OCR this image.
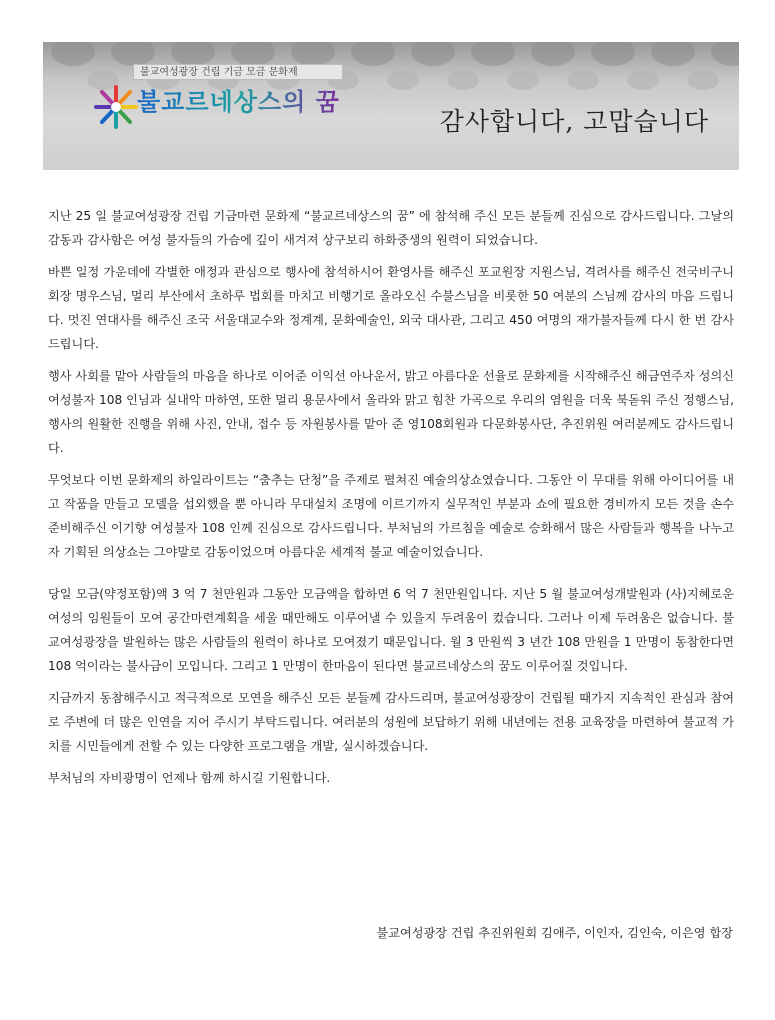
불교여성광장 건립 기금 모금 문화제
불교르네상스의 꿈
감사합니다, 고맙습니다

지난 25 일 불교여성광장 건립 기금마련 문화제 “불교르네상스의 꿈” 에 참석해 주신 모든 분들께 진심으로 감사드립니다. 그날의 감동과 감사함은 여성 불자들의 가슴에 깊이 새겨져 상구보리 하화중생의 원력이 되었습니다.

바쁜 일정 가운데에 각별한 애정과 관심으로 행사에 참석하시어 환영사를 해주신 포교원장 지원스님, 격려사를 해주신 전국비구니회장 명우스님, 멀리 부산에서 초하루 법회를 마치고 비행기로 올라오신 수불스님을 비롯한 50 여분의 스님께 감사의 마음 드립니다. 멋진 연대사를 해주신 조국 서울대교수와 정계계, 문화예술인, 외국 대사관, 그리고 450 여명의 재가불자들께 다시 한 번 감사드립니다.

행사 사회를 맡아 사람들의 마음을 하나로 이어준 이익선 아나운서, 밝고 아름다운 선율로 문화제를 시작해주신 해금연주자 성의신 여성불자 108 인님과 실내악 마하연, 또한 멀리 용문사에서 올라와 맑고 힘찬 가곡으로 우리의 염원을 더욱 북돋워 주신 정행스님, 행사의 원활한 진행을 위해 사진, 안내, 접수 등 자원봉사를 맡아 준 영108회원과 다문화봉사단, 추진위원 여러분께도 감사드립니다.

무엇보다 이번 문화제의 하일라이트는 “춤추는 단청”을 주제로 펼쳐진 예술의상쇼였습니다. 그동안 이 무대를 위해 아이디어를 내고 작품을 만들고 모델을 섭외했을 뿐 아니라 무대설치 조명에 이르기까지 실무적인 부분과 쇼에 필요한 경비까지 모든 것을 손수 준비해주신 이기향 여성불자 108 인께 진심으로 감사드립니다. 부처님의 가르침을 예술로 승화해서 많은 사람들과 행복을 나누고자 기획된 의상쇼는 그야말로 감동이었으며 아름다운 세계적 불교 예술이었습니다.

당일 모금(약정포함)액 3 억 7 천만원과 그동안 모금액을 합하면 6 억 7 천만원입니다. 지난 5 월 불교여성개발원과 (사)지혜로운여성의 임원들이 모여 공간마련계획을 세울 때만해도 이루어낼 수 있을지 두려움이 컸습니다. 그러나 이제 두려움은 없습니다. 불교여성광장을 발원하는 많은 사람들의 원력이 하나로 모여졌기 때문입니다. 월 3 만원씩 3 년간 108 만원을 1 만명이 동참한다면 108 억이라는 불사금이 모입니다. 그리고 1 만명이 한마음이 된다면 불교르네상스의 꿈도 이루어질 것입니다.

지금까지 동참해주시고 적극적으로 모연을 해주신 모든 분들께 감사드리며, 불교여성광장이 건립될 때가지 지속적인 관심과 참여로 주변에 더 많은 인연을 지어 주시기 부탁드립니다. 여러분의 성원에 보답하기 위해 내년에는 전용 교육장을 마련하여 불교적 가치를 시민들에게 전할 수 있는 다양한 프로그램을 개발, 실시하겠습니다.

부처님의 자비광명이 언제나 함께 하시길 기원합니다.

불교여성광장 건립 추진위원회 김애주, 이인자, 김인숙, 이은영 합장
